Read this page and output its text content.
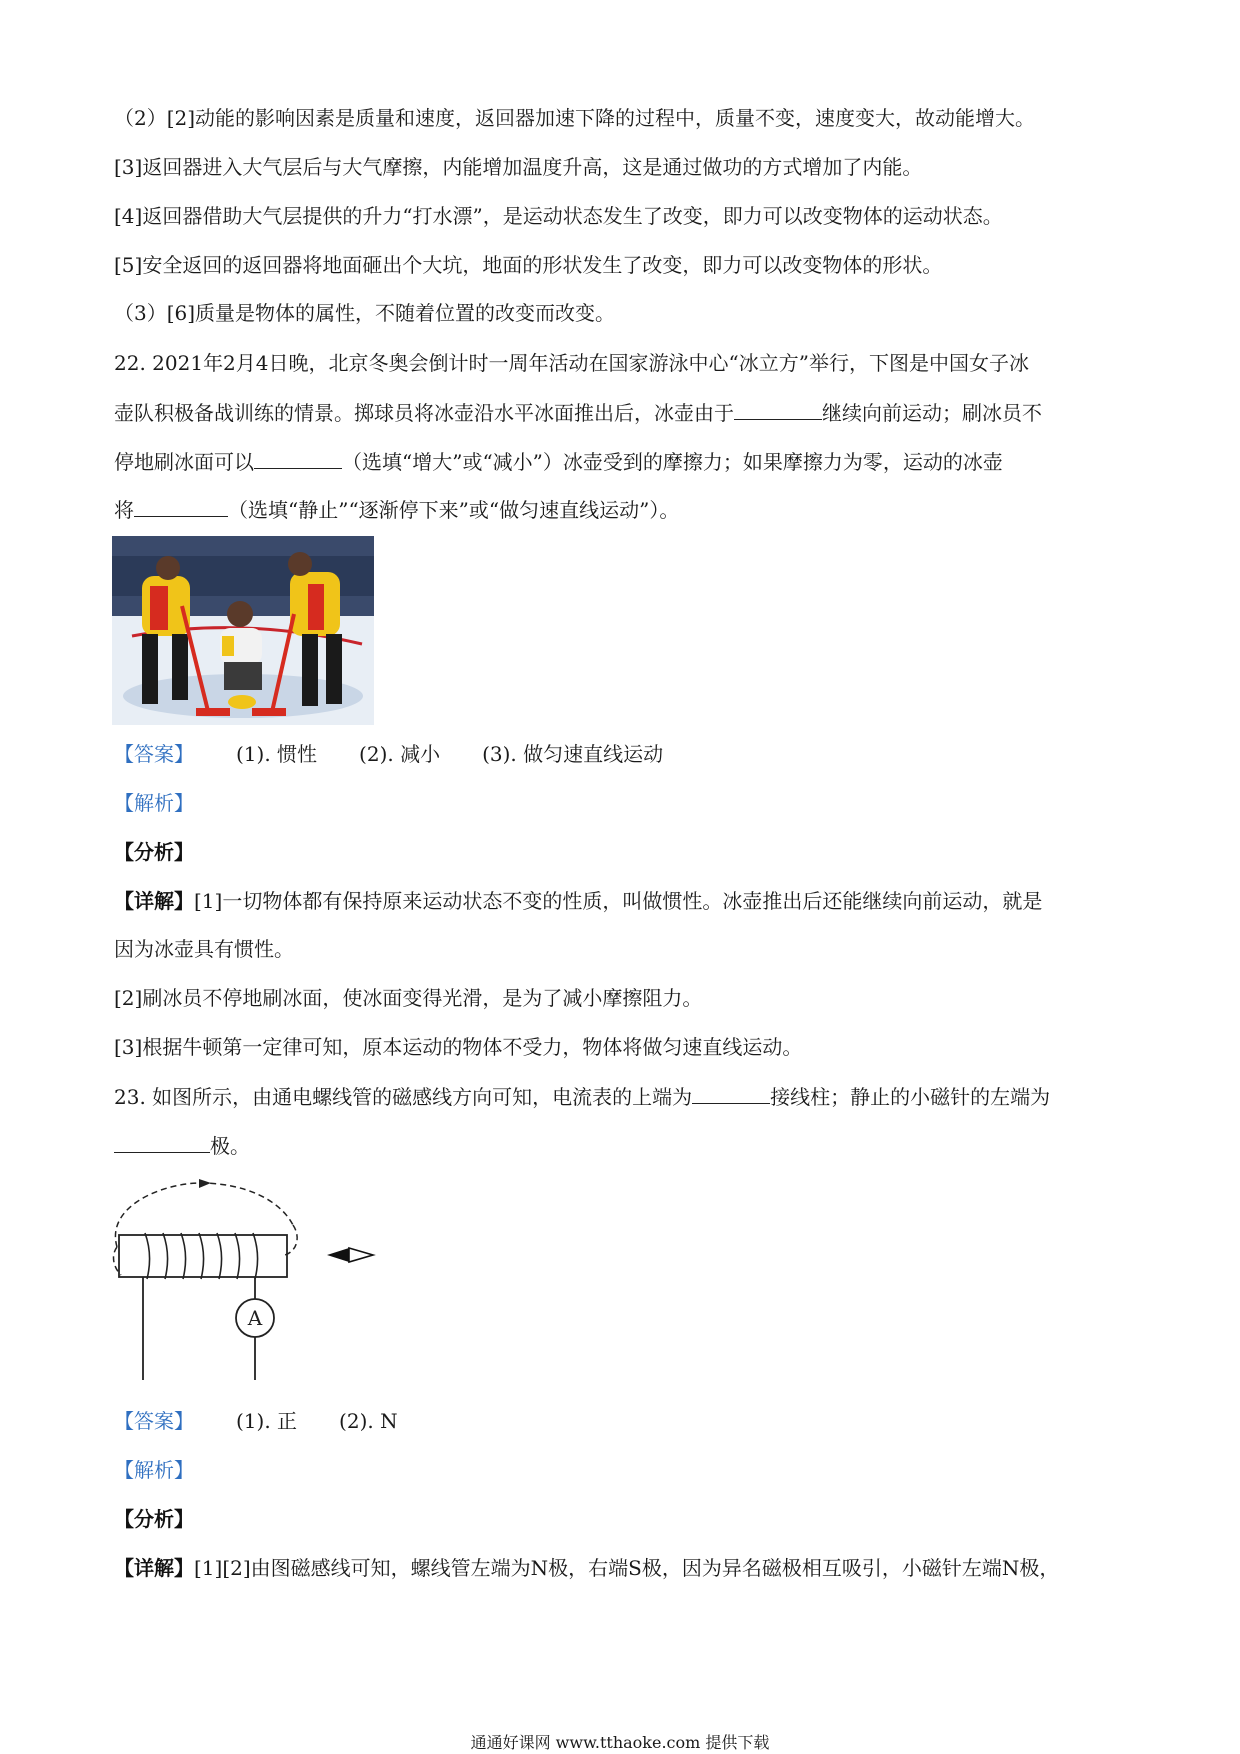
（2）[2]动能的影响因素是质量和速度，返回器加速下降的过程中，质量不变，速度变大，故动能增大。
[3]返回器进入大气层后与大气摩擦，内能增加温度升高，这是通过做功的方式增加了内能。
[4]返回器借助大气层提供的升力“打水漂”，是运动状态发生了改变，即力可以改变物体的运动状态。
[5]安全返回的返回器将地面砸出个大坑，地面的形状发生了改变，即力可以改变物体的形状。
（3）[6]质量是物体的属性，不随着位置的改变而改变。
22. 2021年2月4日晚，北京冬奥会倒计时一周年活动在国家游泳中心“冰立方”举行，下图是中国女子冰
壶队积极备战训练的情景。掷球员将冰壶沿水平冰面推出后，冰壶由于	继续向前运动；刷冰员不
停地刷冰面可以	（选填“增大”或“减小”）冰壶受到的摩擦力；如果摩擦力为零，运动的冰壶
将	（选填“静止”“逐渐停下来”或“做匀速直线运动”）。
【答案】 (1). 惯性 (2). 减小 (3). 做匀速直线运动
【解析】
【分析】
【详解】[1]一切物体都有保持原来运动状态不变的性质，叫做惯性。冰壶推出后还能继续向前运动，就是
因为冰壶具有惯性。
[2]刷冰员不停地刷冰面，使冰面变得光滑，是为了减小摩擦阻力。
[3]根据牛顿第一定律可知，原本运动的物体不受力，物体将做匀速直线运动。
23. 如图所示，由通电螺线管的磁感线方向可知，电流表的上端为	接线柱；静止的小磁针的左端为
极。
A
【答案】 (1). 正 (2). N
【解析】
【分析】
【详解】[1][2]由图磁感线可知，螺线管左端为N极，右端S极，因为异名磁极相互吸引，小磁针左端N极，
通通好课网 www.tthaoke.com 提供下载
